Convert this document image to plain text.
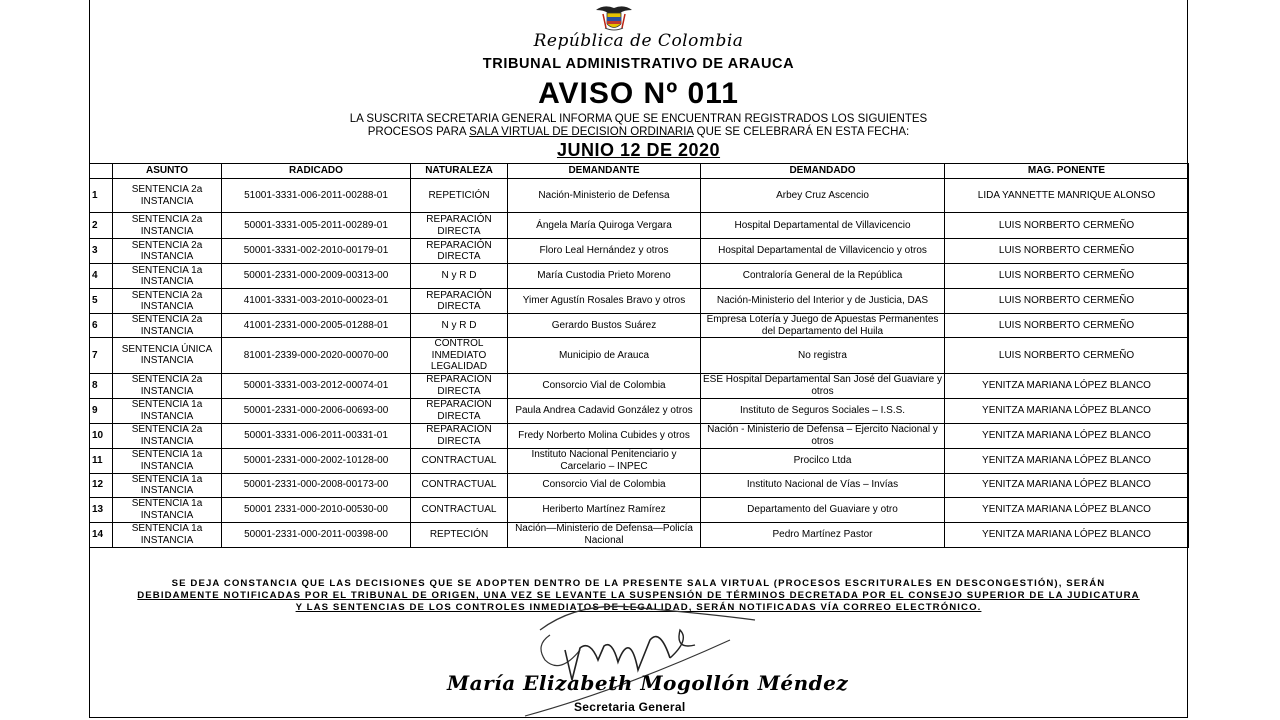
República de Colombia
TRIBUNAL ADMINISTRATIVO DE ARAUCA
AVISO Nº 011
LA SUSCRITA SECRETARIA GENERAL INFORMA QUE SE ENCUENTRAN REGISTRADOS LOS SIGUIENTES
PROCESOS PARA SALA VIRTUAL DE DECISION ORDINARIA QUE SE CELEBRARÁ EN ESTA FECHA:
JUNIO 12 DE 2020
	ASUNTO	RADICADO	NATURALEZA	DEMANDANTE	DEMANDADO	MAG. PONENTE
1	SENTENCIA 2a INSTANCIA	51001-3331-006-2011-00288-01	REPETICIÓN	Nación-Ministerio de Defensa	Arbey Cruz Ascencio	LIDA YANNETTE MANRIQUE ALONSO
2	SENTENCIA 2a INSTANCIA	50001-3331-005-2011-00289-01	REPARACIÓN DIRECTA	Ángela María Quiroga Vergara	Hospital Departamental de Villavicencio	LUIS NORBERTO CERMEÑO
3	SENTENCIA 2a INSTANCIA	50001-3331-002-2010-00179-01	REPARACIÓN DIRECTA	Floro Leal Hernández y otros	Hospital Departamental de Villavicencio y otros	LUIS NORBERTO CERMEÑO
4	SENTENCIA 1a INSTANCIA	50001-2331-000-2009-00313-00	N y R D	María Custodia Prieto Moreno	Contraloría General de la República	LUIS NORBERTO CERMEÑO
5	SENTENCIA 2a INSTANCIA	41001-3331-003-2010-00023-01	REPARACIÓN DIRECTA	Yimer Agustín Rosales Bravo y otros	Nación-Ministerio del Interior y de Justicia, DAS	LUIS NORBERTO CERMEÑO
6	SENTENCIA 2a INSTANCIA	41001-2331-000-2005-01288-01	N y R D	Gerardo Bustos Suárez	Empresa Lotería y Juego de Apuestas Permanentes del Departamento del Huila	LUIS NORBERTO CERMEÑO
7	SENTENCIA ÚNICA INSTANCIA	81001-2339-000-2020-00070-00	CONTROL INMEDIATO LEGALIDAD	Municipio de Arauca	No registra	LUIS NORBERTO CERMEÑO
8	SENTENCIA 2a INSTANCIA	50001-3331-003-2012-00074-01	REPARACIÓN DIRECTA	Consorcio Vial de Colombia	ESE Hospital Departamental San José del Guaviare y otros	YENITZA MARIANA LÓPEZ BLANCO
9	SENTENCIA 1a INSTANCIA	50001-2331-000-2006-00693-00	REPARACIÓN DIRECTA	Paula Andrea Cadavid González y otros	Instituto de Seguros Sociales – I.S.S.	YENITZA MARIANA LÓPEZ BLANCO
10	SENTENCIA 2a INSTANCIA	50001-3331-006-2011-00331-01	REPARACIÓN DIRECTA	Fredy Norberto Molina Cubides y otros	Nación - Ministerio de Defensa – Ejercito Nacional y otros	YENITZA MARIANA LÓPEZ BLANCO
11	SENTENCIA 1a INSTANCIA	50001-2331-000-2002-10128-00	CONTRACTUAL	Instituto Nacional Penitenciario y Carcelario – INPEC	Procilco Ltda	YENITZA MARIANA LÓPEZ BLANCO
12	SENTENCIA 1a INSTANCIA	50001-2331-000-2008-00173-00	CONTRACTUAL	Consorcio Vial de Colombia	Instituto Nacional de Vías – Invías	YENITZA MARIANA LÓPEZ BLANCO
13	SENTENCIA 1a INSTANCIA	50001 2331-000-2010-00530-00	CONTRACTUAL	Heriberto Martínez Ramírez	Departamento del Guaviare y otro	YENITZA MARIANA LÓPEZ BLANCO
14	SENTENCIA 1a INSTANCIA	50001-2331-000-2011-00398-00	REPTECIÓN	Nación—Ministerio de Defensa—Policía Nacional	Pedro Martínez Pastor	YENITZA MARIANA LÓPEZ BLANCO
SE DEJA CONSTANCIA QUE LAS DECISIONES QUE SE ADOPTEN DENTRO DE LA PRESENTE SALA VIRTUAL (PROCESOS ESCRITURALES EN DESCONGESTIÓN), SERÁN
DEBIDAMENTE NOTIFICADAS POR EL TRIBUNAL DE ORIGEN, UNA VEZ SE LEVANTE LA SUSPENSIÓN DE TÉRMINOS DECRETADA POR EL CONSEJO SUPERIOR DE LA JUDICATURA
Y LAS SENTENCIAS DE LOS CONTROLES INMEDIATOS DE LEGALIDAD, SERÁN NOTIFICADAS VÍA CORREO ELECTRÓNICO.
María Elizabeth Mogollón Méndez
Secretaria General
